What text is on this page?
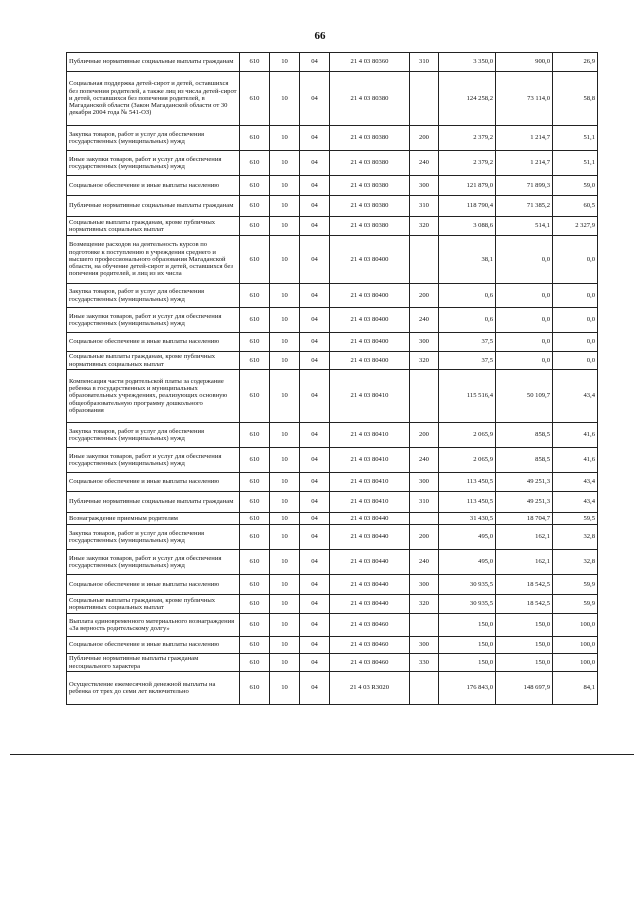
66
Публичные нормативные социальные выплаты гражданам	610	10	04	21 4 03 80360	310	3 350,0	900,0	26,9
Социальная поддержка детей-сирот и детей, оставшихся без попечения родителей, а также лиц из числа детей-сирот и детей, оставшихся без попечения родителей, в Магаданской области (Закон Магаданской области от 30 декабря 2004 года № 541-ОЗ)	610	10	04	21 4 03 80380		124 258,2	73 114,0	58,8
Закупка товаров, работ и услуг для обеспечения государственных (муниципальных) нужд	610	10	04	21 4 03 80380	200	2 379,2	1 214,7	51,1
Иные закупки товаров, работ и услуг для обеспечения государственных (муниципальных) нужд	610	10	04	21 4 03 80380	240	2 379,2	1 214,7	51,1
Социальное обеспечение и иные выплаты населению	610	10	04	21 4 03 80380	300	121 879,0	71 899,3	59,0
Публичные нормативные социальные выплаты гражданам	610	10	04	21 4 03 80380	310	118 790,4	71 385,2	60,5
Социальные выплаты гражданам, кроме публичных нормативных социальных выплат	610	10	04	21 4 03 80380	320	3 088,6	514,1	2 327,9
Возмещение расходов на деятельность курсов по подготовке к поступлению в учреждения среднего и высшего профессионального образования Магаданской области, на обучение детей-сирот и детей, оставшихся без попечения родителей, и лиц из их числа	610	10	04	21 4 03 80400		38,1	0,0	0,0
Закупка товаров, работ и услуг для обеспечения государственных (муниципальных) нужд	610	10	04	21 4 03 80400	200	0,6	0,0	0,0
Иные закупки товаров, работ и услуг для обеспечения государственных (муниципальных) нужд	610	10	04	21 4 03 80400	240	0,6	0,0	0,0
Социальное обеспечение и иные выплаты населению	610	10	04	21 4 03 80400	300	37,5	0,0	0,0
Социальные выплаты гражданам, кроме публичных нормативных социальных выплат	610	10	04	21 4 03 80400	320	37,5	0,0	0,0
Компенсация части родительской платы за содержание ребенка в государственных и муниципальных образовательных учреждениях, реализующих основную общеобразовательную программу дошкольного образования	610	10	04	21 4 03 80410		115 516,4	50 109,7	43,4
Закупка товаров, работ и услуг для обеспечения государственных (муниципальных) нужд	610	10	04	21 4 03 80410	200	2 065,9	858,5	41,6
Иные закупки товаров, работ и услуг для обеспечения государственных (муниципальных) нужд	610	10	04	21 4 03 80410	240	2 065,9	858,5	41,6
Социальное обеспечение и иные выплаты населению	610	10	04	21 4 03 80410	300	113 450,5	49 251,3	43,4
Публичные нормативные социальные выплаты гражданам	610	10	04	21 4 03 80410	310	113 450,5	49 251,3	43,4
Вознаграждение приемным родителям	610	10	04	21 4 03 80440		31 430,5	18 704,7	59,5
Закупка товаров, работ и услуг для обеспечения государственных (муниципальных) нужд	610	10	04	21 4 03 80440	200	495,0	162,1	32,8
Иные закупки товаров, работ и услуг для обеспечения государственных (муниципальных) нужд	610	10	04	21 4 03 80440	240	495,0	162,1	32,8
Социальное обеспечение и иные выплаты населению	610	10	04	21 4 03 80440	300	30 935,5	18 542,5	59,9
Социальные выплаты гражданам, кроме публичных нормативных социальных выплат	610	10	04	21 4 03 80440	320	30 935,5	18 542,5	59,9
Выплата единовременного материального вознаграждения «За верность родительскому долгу»	610	10	04	21 4 03 80460		150,0	150,0	100,0
Социальное обеспечение и иные выплаты населению	610	10	04	21 4 03 80460	300	150,0	150,0	100,0
Публичные нормативные выплаты гражданам несоциального характера	610	10	04	21 4 03 80460	330	150,0	150,0	100,0
Осуществление ежемесячной денежной выплаты на ребенка от трех до семи лет включительно	610	10	04	21 4 03 R3020		176 843,0	148 697,9	84,1
